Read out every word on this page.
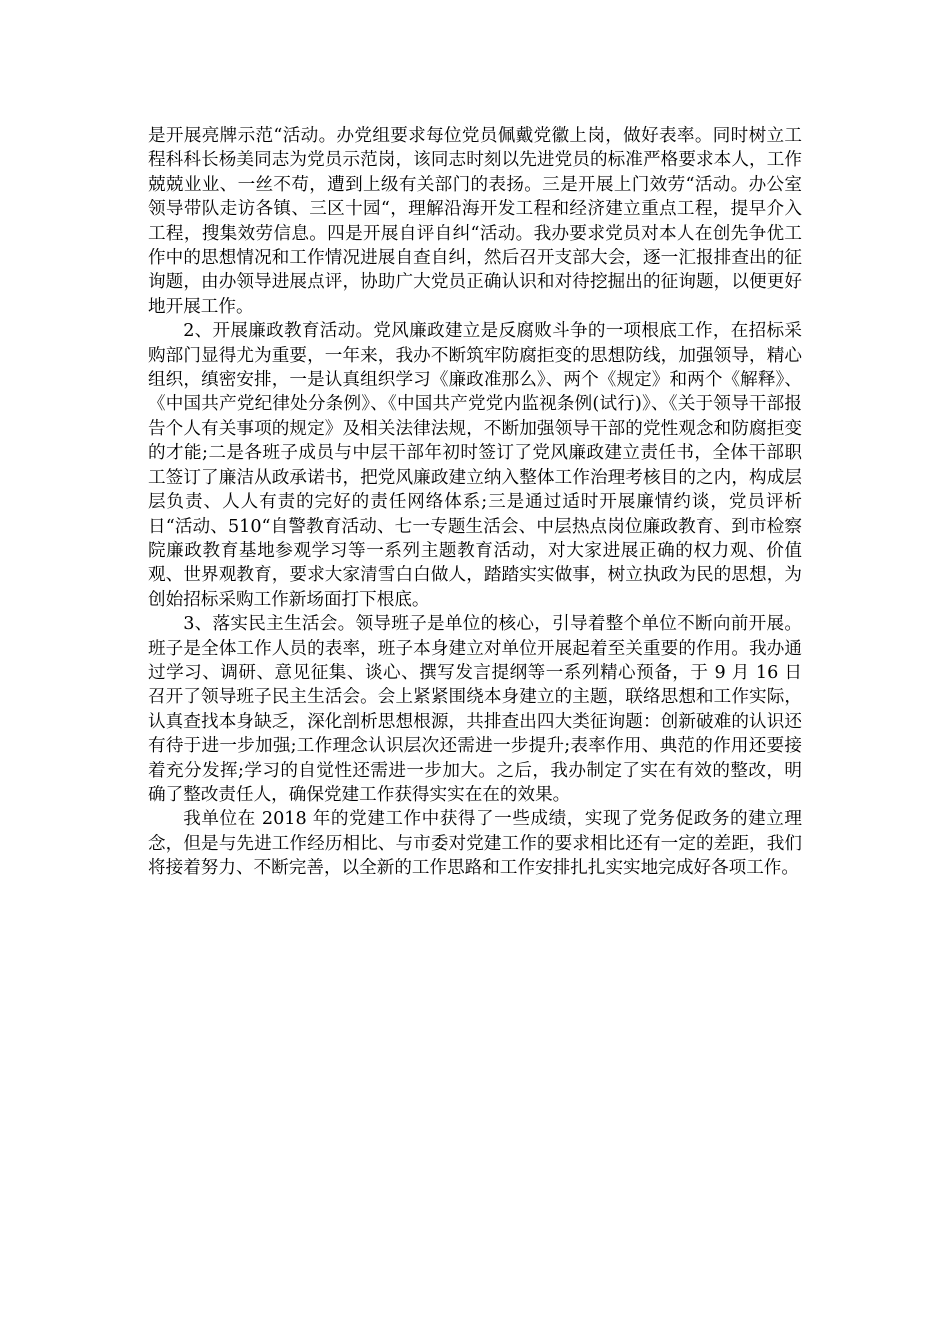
是开展亮牌示范“活动。办党组要求每位党员佩戴党徽上岗，做好表率。同时树立工程科科长杨美同志为党员示范岗，该同志时刻以先进党员的标准严格要求本人，工作兢兢业业、一丝不苟，遭到上级有关部门的表扬。三是开展上门效劳“活动。办公室领导带队走访各镇、三区十园“，理解沿海开发工程和经济建立重点工程，提早介入工程，搜集效劳信息。四是开展自评自纠“活动。我办要求党员对本人在创先争优工作中的思想情况和工作情况进展自查自纠，然后召开支部大会，逐一汇报排查出的征询题，由办领导进展点评，协助广大党员正确认识和对待挖掘出的征询题，以便更好地开展工作。

2、开展廉政教育活动。党风廉政建立是反腐败斗争的一项根底工作，在招标采购部门显得尤为重要，一年来，我办不断筑牢防腐拒变的思想防线，加强领导，精心组织，缜密安排，一是认真组织学习《廉政准那么》、两个《规定》和两个《解释》、《中国共产党纪律处分条例》、《中国共产党党内监视条例(试行)》、《关于领导干部报告个人有关事项的规定》及相关法律法规，不断加强领导干部的党性观念和防腐拒变的才能;二是各班子成员与中层干部年初时签订了党风廉政建立责任书，全体干部职工签订了廉洁从政承诺书，把党风廉政建立纳入整体工作治理考核目的之内，构成层层负责、人人有责的完好的责任网络体系;三是通过适时开展廉情约谈，党员评析日“活动、510“自警教育活动、七一专题生活会、中层热点岗位廉政教育、到市检察院廉政教育基地参观学习等一系列主题教育活动，对大家进展正确的权力观、价值观、世界观教育，要求大家清雪白白做人，踏踏实实做事，树立执政为民的思想，为创始招标采购工作新场面打下根底。

3、落实民主生活会。领导班子是单位的核心，引导着整个单位不断向前开展。班子是全体工作人员的表率，班子本身建立对单位开展起着至关重要的作用。我办通过学习、调研、意见征集、谈心、撰写发言提纲等一系列精心预备，于 9 月 16 日召开了领导班子民主生活会。会上紧紧围绕本身建立的主题，联络思想和工作实际，认真查找本身缺乏，深化剖析思想根源，共排查出四大类征询题：创新破难的认识还有待于进一步加强;工作理念认识层次还需进一步提升;表率作用、典范的作用还要接着充分发挥;学习的自觉性还需进一步加大。之后，我办制定了实在有效的整改，明确了整改责任人，确保党建工作获得实实在在的效果。

我单位在 2018 年的党建工作中获得了一些成绩，实现了党务促政务的建立理念，但是与先进工作经历相比、与市委对党建工作的要求相比还有一定的差距，我们将接着努力、不断完善，以全新的工作思路和工作安排扎扎实实地完成好各项工作。
